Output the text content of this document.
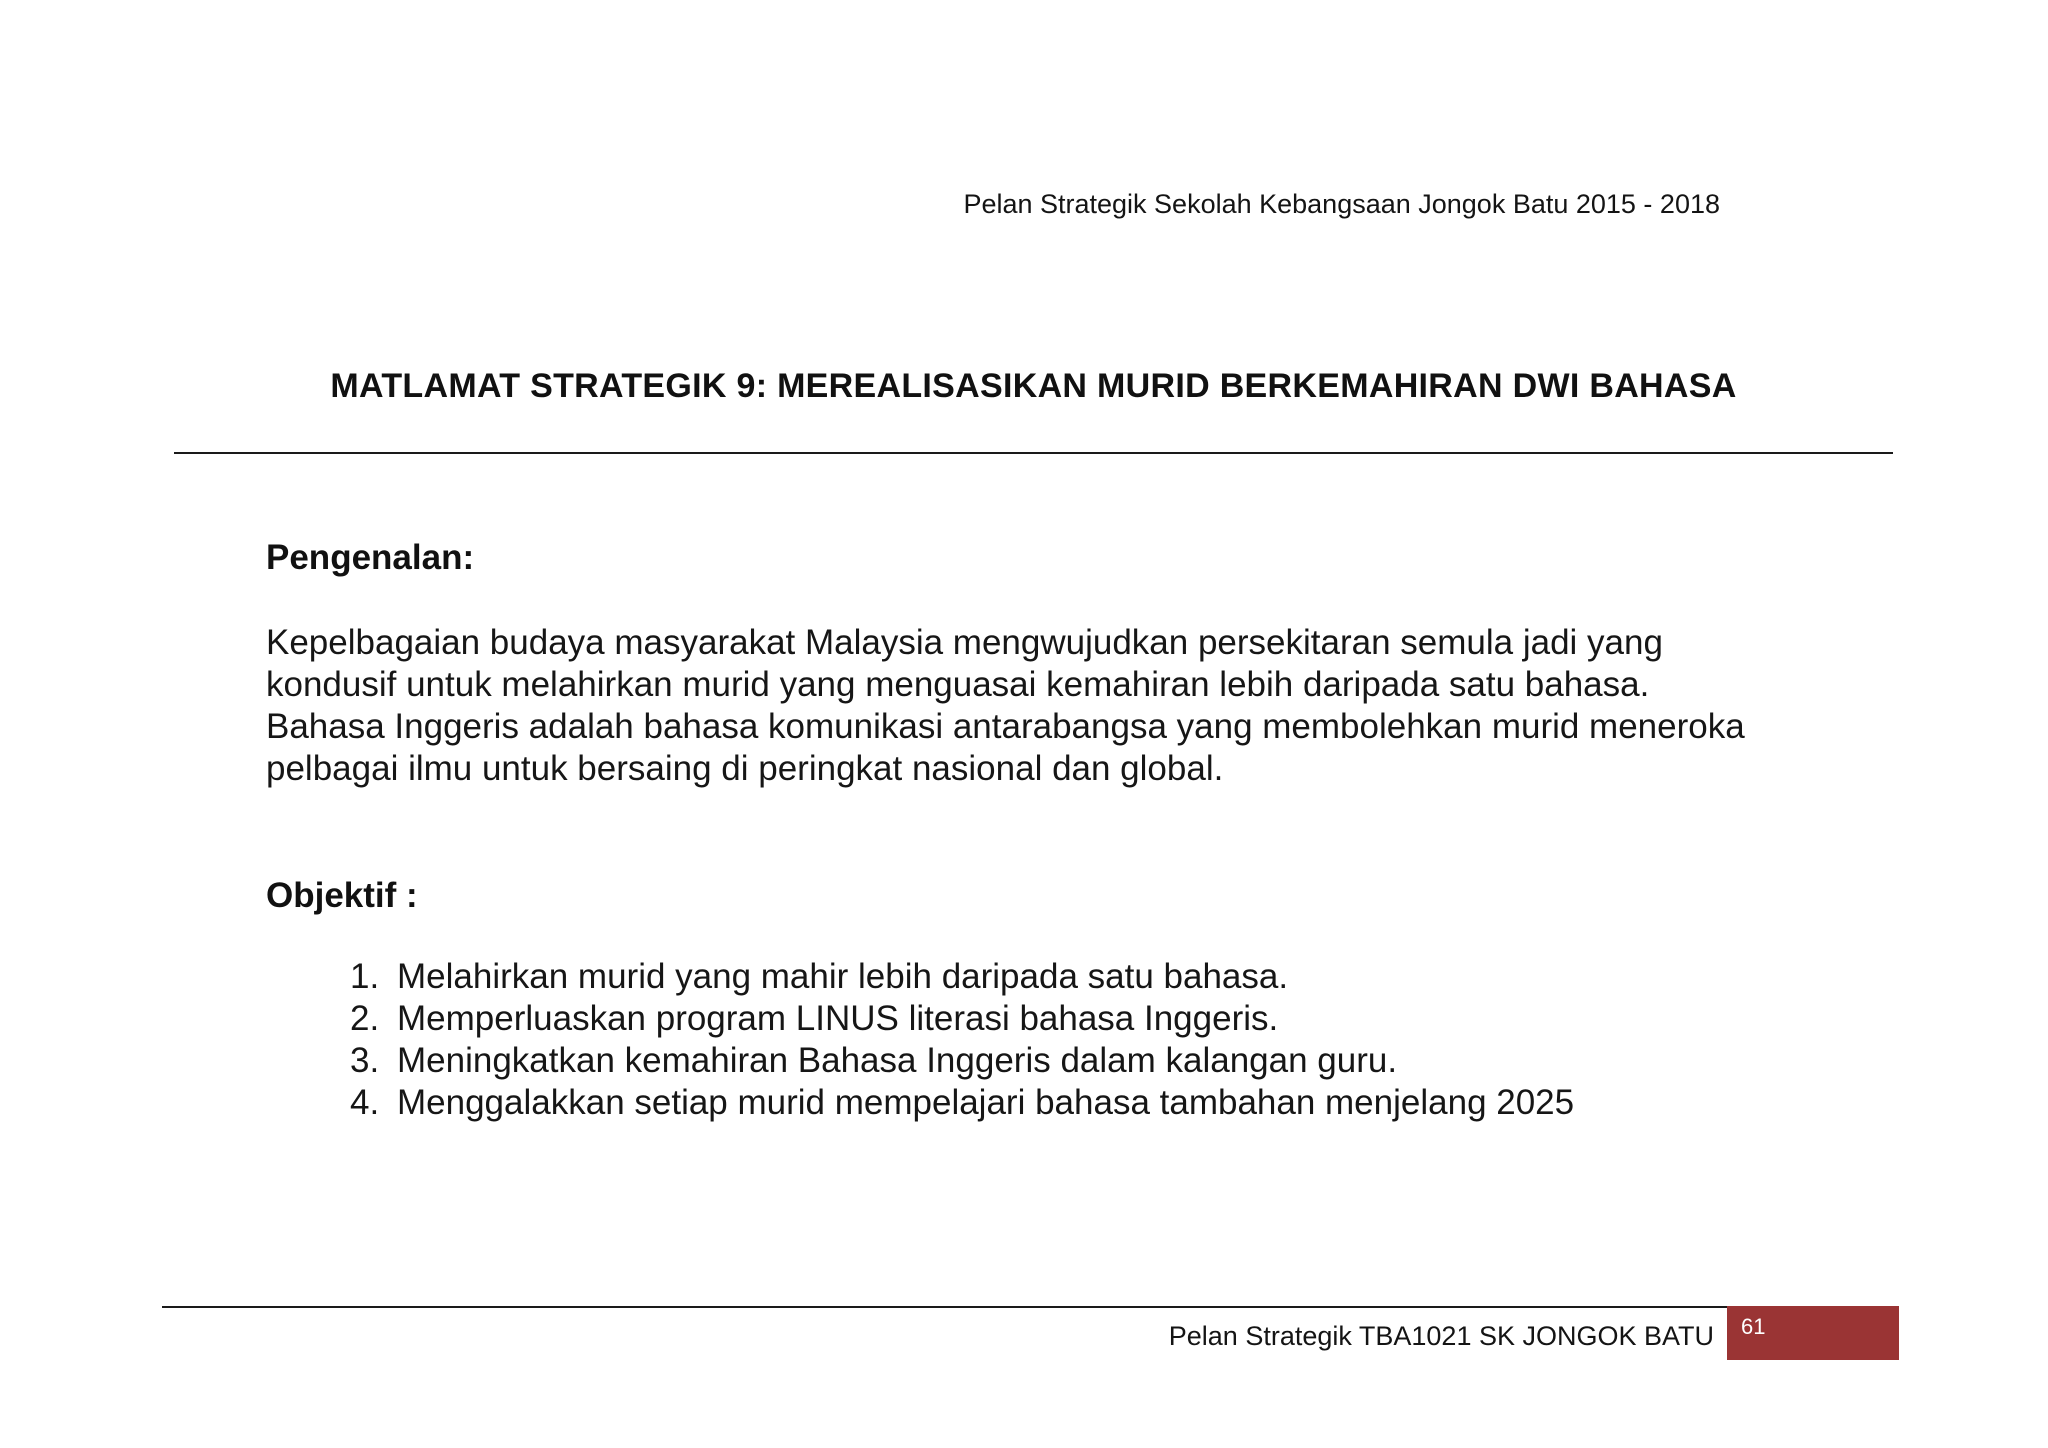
Pelan Strategik Sekolah Kebangsaan Jongok Batu 2015 - 2018
MATLAMAT STRATEGIK 9: MEREALISASIKAN MURID BERKEMAHIRAN DWI BAHASA
Pengenalan:
Kepelbagaian budaya masyarakat Malaysia mengwujudkan persekitaran semula jadi yang
kondusif untuk melahirkan murid yang menguasai kemahiran lebih daripada satu bahasa.
Bahasa Inggeris adalah bahasa komunikasi antarabangsa yang membolehkan murid meneroka
pelbagai ilmu untuk bersaing di peringkat nasional dan global.
Objektif :
1. Melahirkan murid yang mahir lebih daripada satu bahasa.
2. Memperluaskan program LINUS literasi bahasa Inggeris.
3. Meningkatkan kemahiran Bahasa Inggeris dalam kalangan guru.
4. Menggalakkan setiap murid mempelajari bahasa tambahan menjelang 2025
Pelan Strategik TBA1021 SK JONGOK BATU	61
